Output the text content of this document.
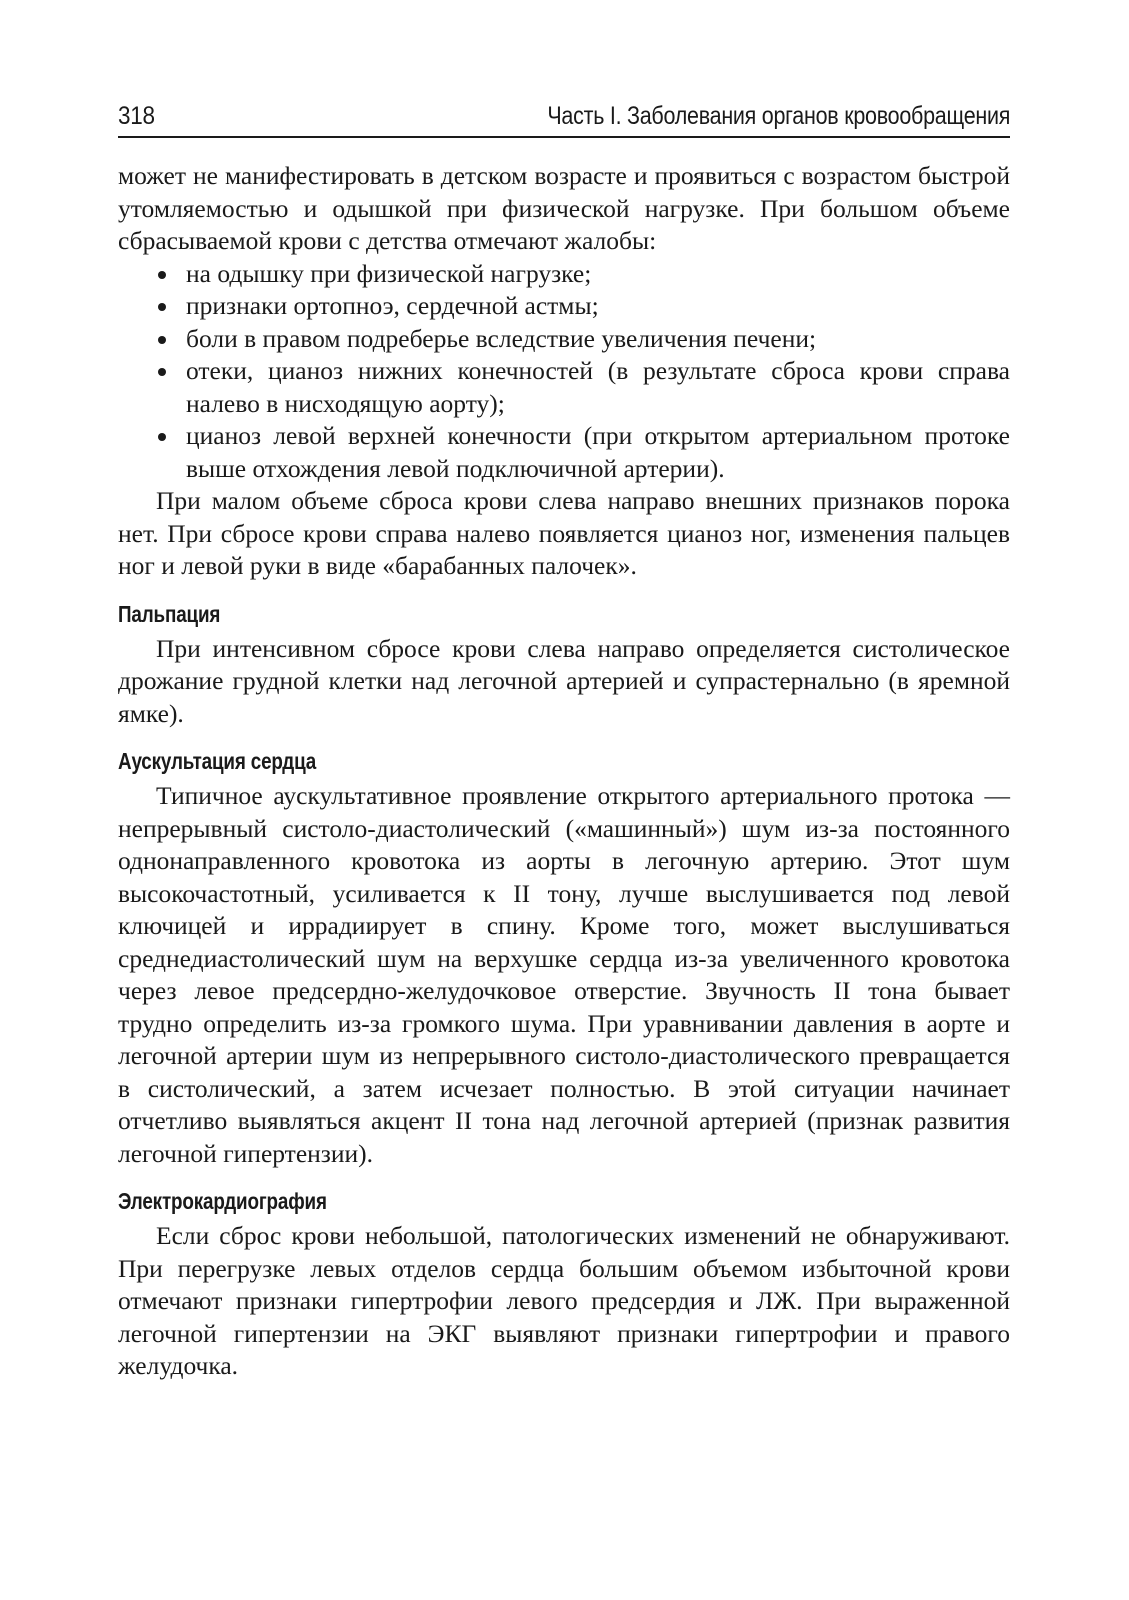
318	Часть I. Заболевания органов кровообращения

может не манифестировать в детском возрасте и проявиться с возрастом быстрой утомляемостью и одышкой при физической нагрузке. При большом объеме сбрасываемой крови с детства отмечают жалобы:

на одышку при физической нагрузке;
признаки ортопноэ, сердечной астмы;
боли в правом подреберье вследствие увеличения печени;
отеки, цианоз нижних конечностей (в результате сброса крови справа налево в нисходящую аорту);
цианоз левой верхней конечности (при открытом артериальном протоке выше отхождения левой подключичной артерии).

При малом объеме сброса крови слева направо внешних признаков порока нет. При сбросе крови справа налево появляется цианоз ног, изменения пальцев ног и левой руки в виде «барабанных палочек».

Пальпация

При интенсивном сбросе крови слева направо определяется систолическое дрожание грудной клетки над легочной артерией и супрастернально (в яремной ямке).

Аускультация сердца

Типичное аускультативное проявление открытого артериального протока — непрерывный систоло-диастолический («машинный») шум из-за постоянного однонаправленного кровотока из аорты в легочную артерию. Этот шум высокочастотный, усиливается к II тону, лучше выслушивается под левой ключицей и иррадиирует в спину. Кроме того, может выслушиваться среднедиастолический шум на верхушке сердца из-за увеличенного кровотока через левое предсердно-желудочковое отверстие. Звучность II тона бывает трудно определить из-за громкого шума. При уравнивании давления в аорте и легочной артерии шум из непрерывного систоло-диастолического превращается в систолический, а затем исчезает полностью. В этой ситуации начинает отчетливо выявляться акцент II тона над легочной артерией (признак развития легочной гипертензии).

Электрокардиография

Если сброс крови небольшой, патологических изменений не обнаруживают. При перегрузке левых отделов сердца большим объемом избыточной крови отмечают признаки гипертрофии левого предсердия и ЛЖ. При выраженной легочной гипертензии на ЭКГ выявляют признаки гипертрофии и правого желудочка.
